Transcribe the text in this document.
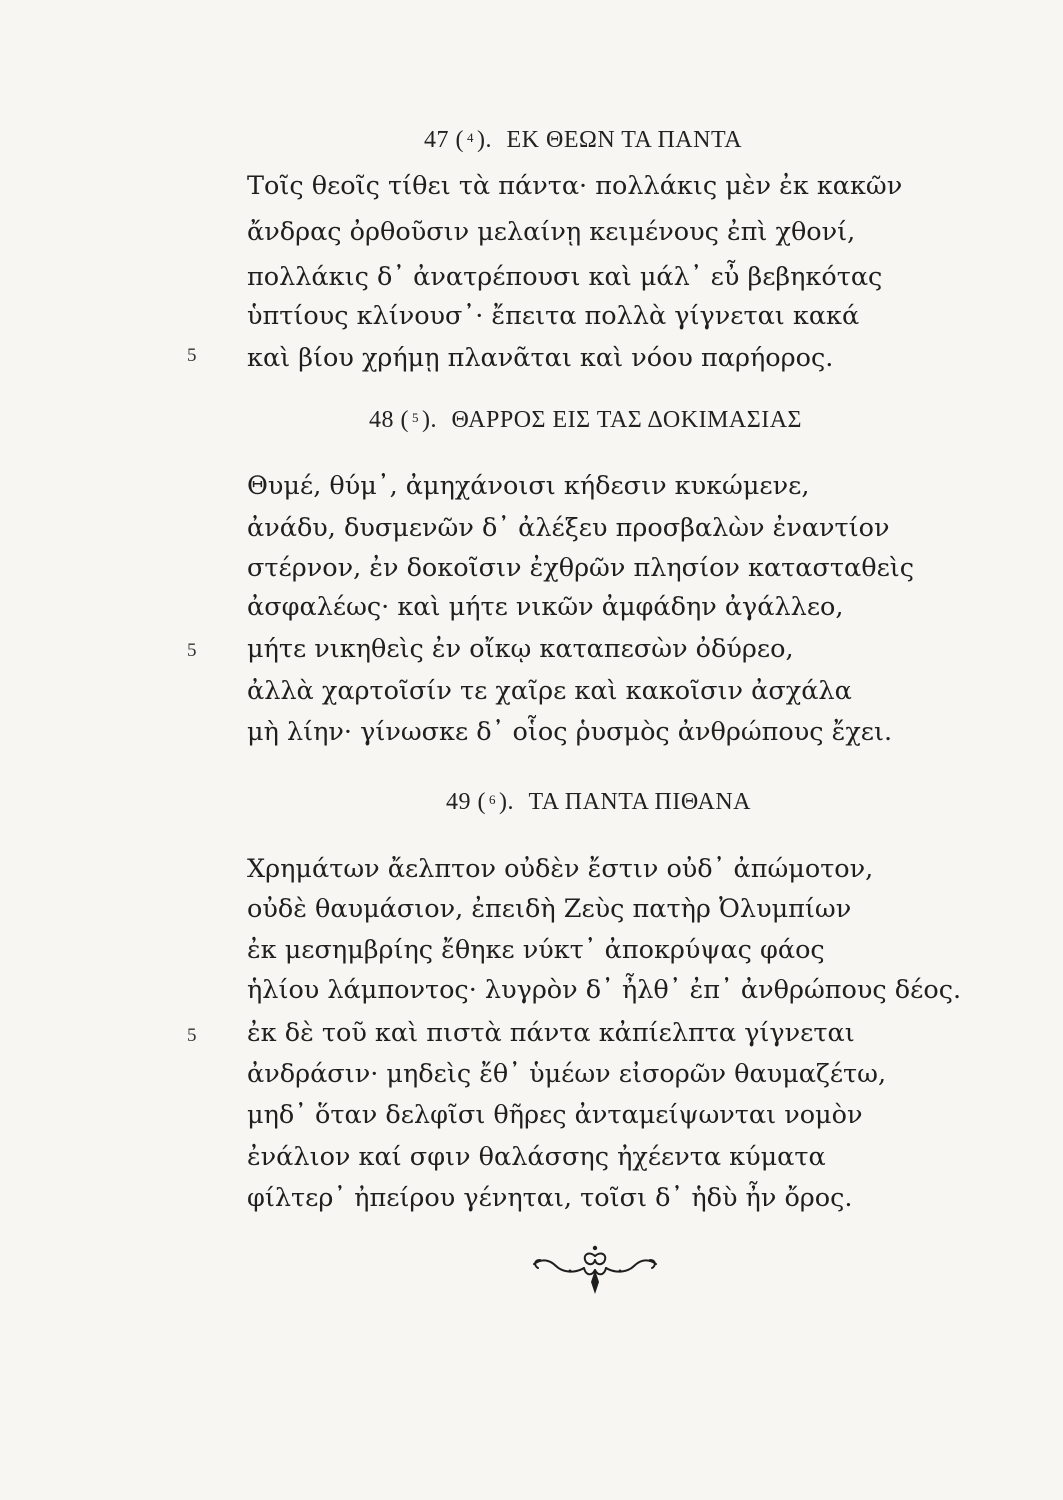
47 ( $^4$ ). ΕΚ ΘΕΩΝ ΤΑ ΠΑΝΤΑ
Τοῖς θεοῖς τίθει τὰ πάντα· πολλάκις μὲν ἐκ κακῶν
ἄνδρας ὀρθοῦσιν μελαίνῃ κειμένους ἐπὶ χθονί,
πολλάκις δ᾽ ἀνατρέπουσι καὶ μάλ᾽ εὖ βεβηκότας
ὑπτίους κλίνουσ᾽· ἔπειτα πολλὰ γίγνεται κακά
5 καὶ βίου χρήμῃ πλανᾶται καὶ νόου παρήορος.
48 ( $^5$ ). ΘΑΡΡΟΣ ΕΙΣ ΤΑΣ ΔΟΚΙΜΑΣΙΑΣ
Θυμέ, θύμ᾽, ἀμηχάνοισι κήδεσιν κυκώμενε,
ἀνάδυ, δυσμενῶν δ᾽ ἀλέξευ προσβαλὼν ἐναντίον
στέρνον, ἐν δοκοῖσιν ἐχθρῶν πλησίον κατασταθεὶς
ἀσφαλέως· καὶ μήτε νικῶν ἀμφάδην ἀγάλλεο,
5 μήτε νικηθεὶς ἐν οἴκῳ καταπεσὼν ὀδύρεο,
ἀλλὰ χαρτοῖσίν τε χαῖρε καὶ κακοῖσιν ἀσχάλα
μὴ λίην· γίνωσκε δ᾽ οἷος ῥυσμὸς ἀνθρώπους ἔχει.
49 ( $^6$ ). ΤΑ ΠΑΝΤΑ ΠΙΘΑΝΑ
Χρημάτων ἄελπτον οὐδὲν ἔστιν οὐδ᾽ ἀπώμοτον,
οὐδὲ θαυμάσιον, ἐπειδὴ Ζεὺς πατὴρ Ὀλυμπίων
ἐκ μεσημβρίης ἔθηκε νύκτ᾽ ἀποκρύψας φάος
ἡλίου λάμποντος· λυγρὸν δ᾽ ἦλθ᾽ ἐπ᾽ ἀνθρώπους δέος.
5 ἐκ δὲ τοῦ καὶ πιστὰ πάντα κἀπίελπτα γίγνεται
ἀνδράσιν· μηδεὶς ἔθ᾽ ὑμέων εἰσορῶν θαυμαζέτω,
μηδ᾽ ὅταν δελφῖσι θῆρες ἀνταμείψωνται νομὸν
ἐνάλιον καί σφιν θαλάσσης ἠχέεντα κύματα
φίλτερ᾽ ἠπείρου γένηται, τοῖσι δ᾽ ἡδὺ ἦν ὄρος.
